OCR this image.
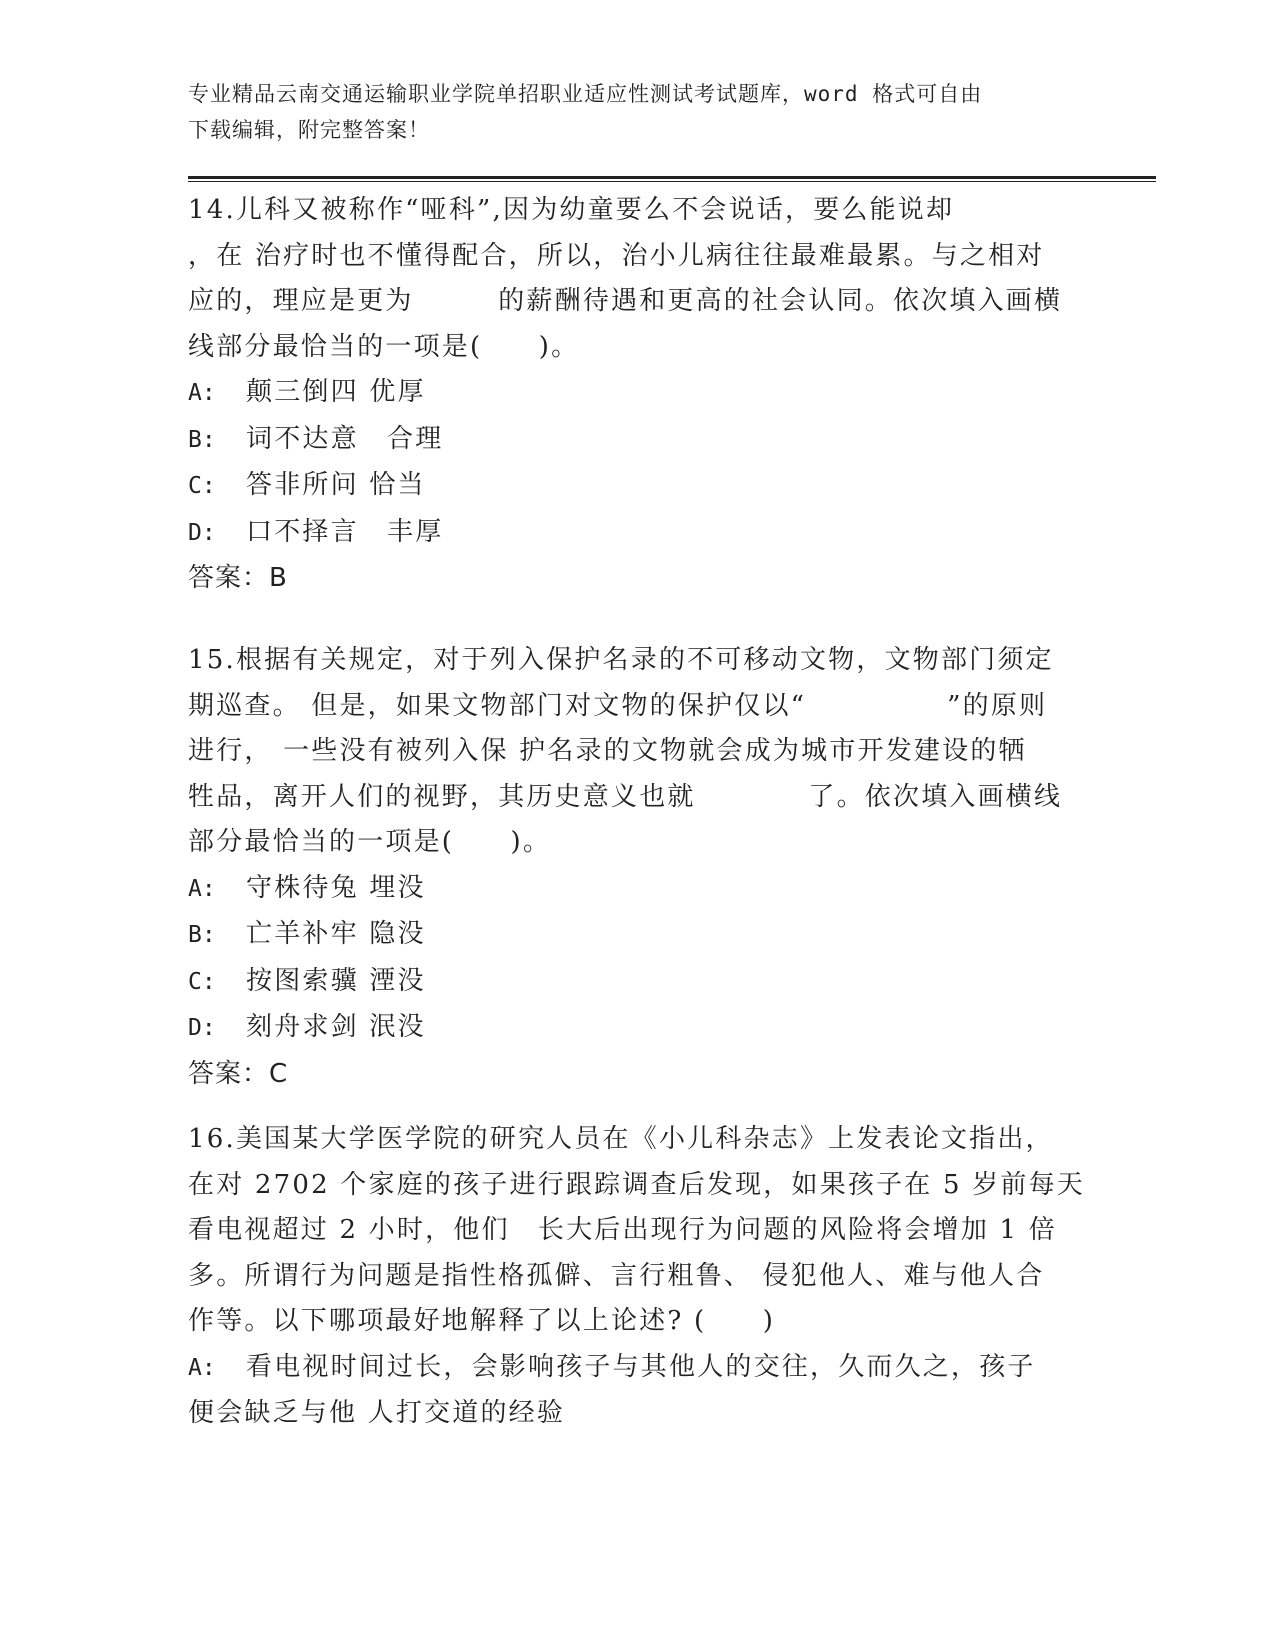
专业精品云南交通运输职业学院单招职业适应性测试考试题库，word 格式可自由
下载编辑，附完整答案！
14.儿科又被称作“哑科”,因为幼童要么不会说话，要么能说却
，在 治疗时也不懂得配合，所以，治小儿病往往最难最累。与之相对
应的，理应是更为　　　的薪酬待遇和更高的社会认同。依次填入画横
线部分最恰当的一项是(　　)。
A: 颠三倒四 优厚
B: 词不达意　合理
C: 答非所问 恰当
D: 口不择言　丰厚
答案：B
15.根据有关规定，对于列入保护名录的不可移动文物，文物部门须定
期巡查。 但是，如果文物部门对文物的保护仅以“　　　　　”的原则
进行， 一些没有被列入保 护名录的文物就会成为城市开发建设的牺
牲品，离开人们的视野，其历史意义也就　　　　了。依次填入画横线
部分最恰当的一项是(　　)。
A: 守株待兔 埋没
B: 亡羊补牢 隐没
C: 按图索骥 湮没
D: 刻舟求剑 泯没
答案：C
16.美国某大学医学院的研究人员在《小儿科杂志》上发表论文指出，
在对 2702 个家庭的孩子进行跟踪调查后发现，如果孩子在 5 岁前每天
看电视超过 2 小时，他们　长大后出现行为问题的风险将会增加 1 倍
多。所谓行为问题是指性格孤僻、言行粗鲁、 侵犯他人、难与他人合
作等。以下哪项最好地解释了以上论述? (　　)
A: 看电视时间过长，会影响孩子与其他人的交往，久而久之，孩子
便会缺乏与他 人打交道的经验
